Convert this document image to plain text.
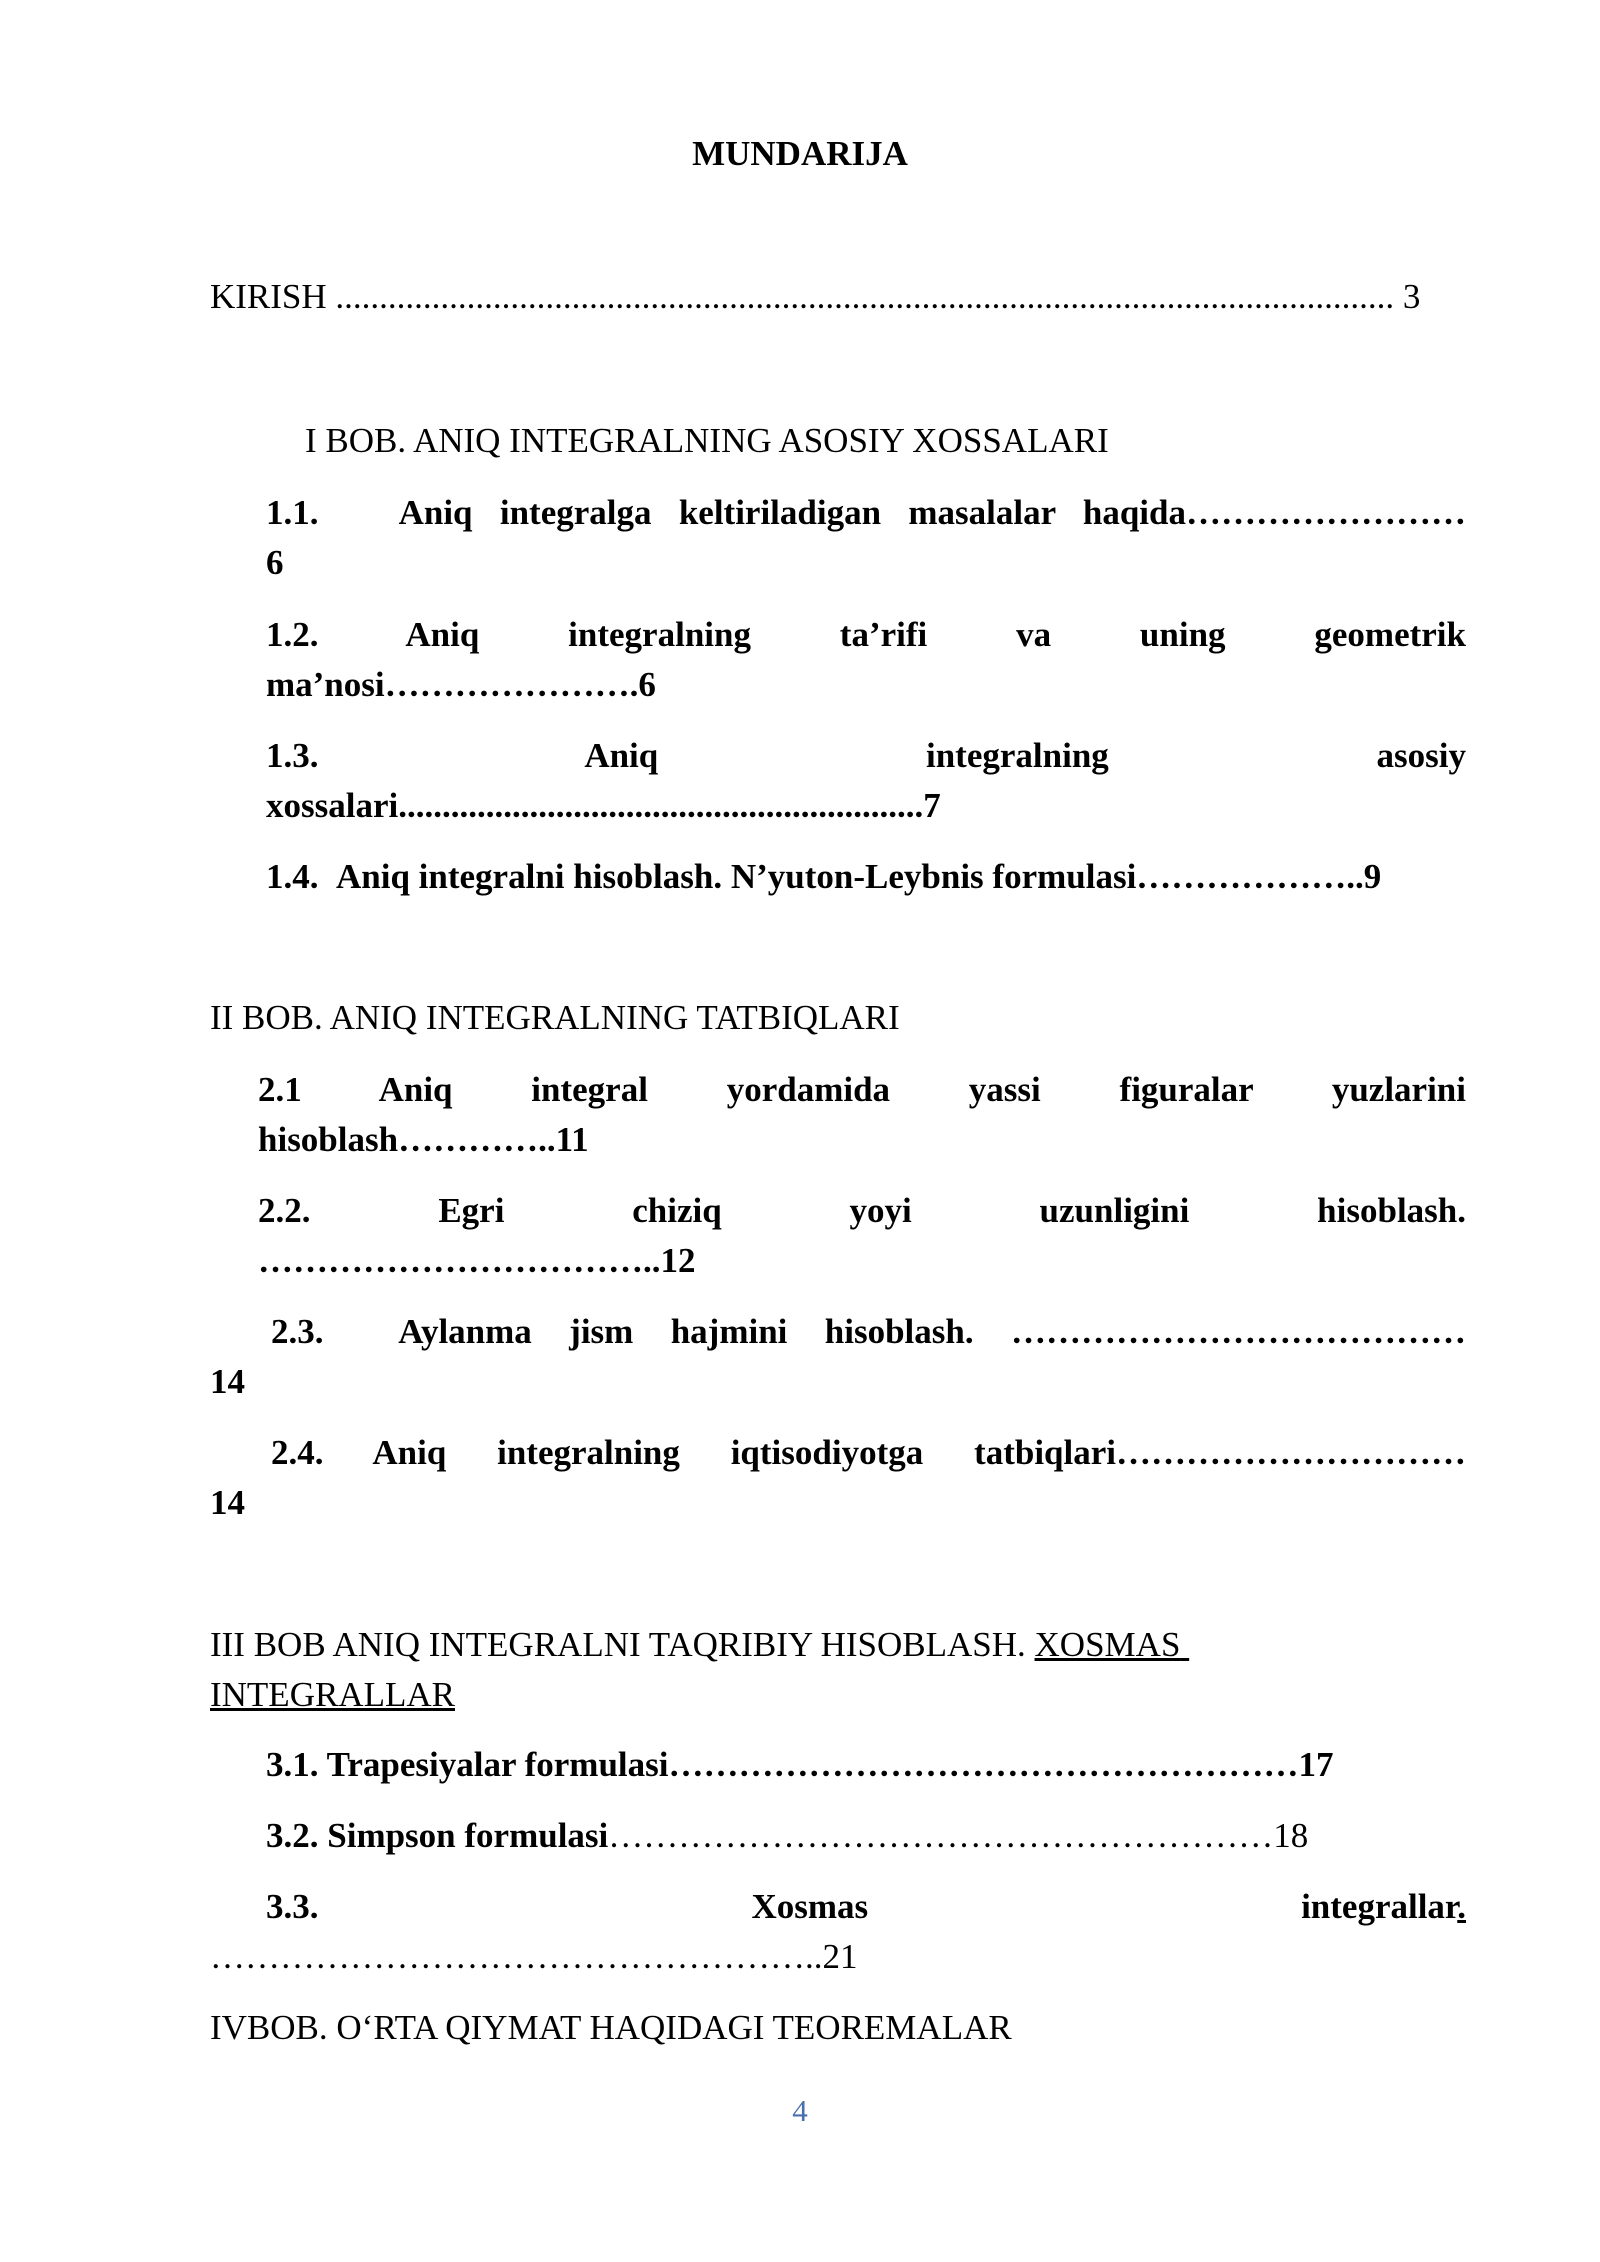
MUNDARIJA
KIRISH ......................................................................................................................... 3
I BOB. ANIQ INTEGRALNING ASOSIY XOSSALARI
1.1.   Aniq integralga keltiriladigan masalalar haqida……………………
6
1.2. Aniq integralning ta’rifi va uning geometrik
ma’nosi………………….6
1.3. Aniq integralning asosiy
xossalari............................................................7
1.4.  Aniq integralni hisoblash. N’yuton-Leybnis formulasi………………..9
II BOB. ANIQ INTEGRALNING TATBIQLARI
2.1 Aniq integral yordamida yassi figuralar yuzlarini
hisoblash…………..11
2.2. Egri chiziq yoyi uzunligini hisoblash.
……………………………..12
2.3.  Aylanma jism hajmini hisoblash. …………………………………
14
2.4. Aniq integralning iqtisodiyotga tatbiqlari…………………………
14
III BOB ANIQ INTEGRALNI TAQRIBIY HISOBLASH. XOSMAS
INTEGRALLAR
3.1. Trapesiyalar formulasi………………………………………………17
3.2. Simpson formulasi…………………………………………………18
3.3. Xosmas integrallar.
……………………………………………..21
IVBOB. O‘RTA QIYMAT HAQIDAGI TEOREMALAR
4
